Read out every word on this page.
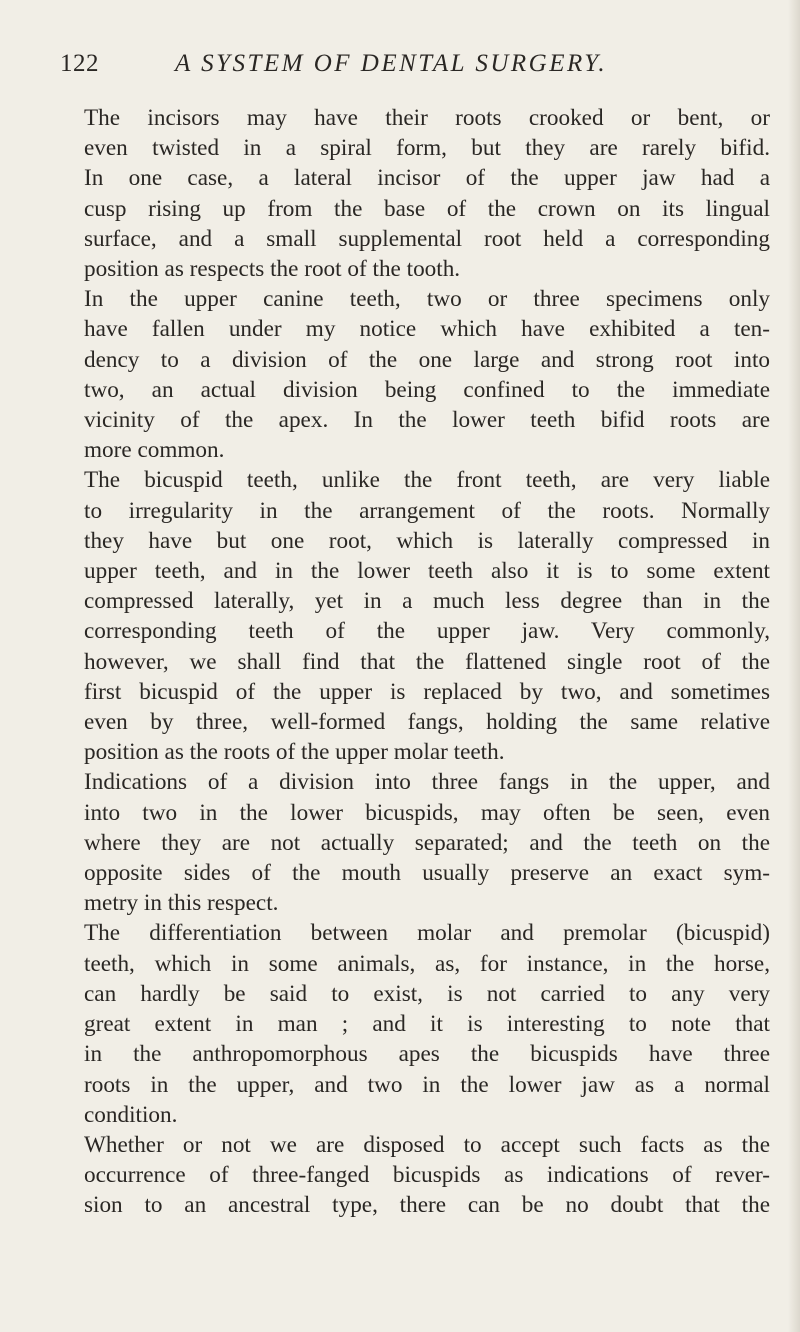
122	A SYSTEM OF DENTAL SURGERY.
The incisors may have their roots crooked or bent, or
even twisted in a spiral form, but they are rarely bifid.
In one case, a lateral incisor of the upper jaw had a
cusp rising up from the base of the crown on its lingual
surface, and a small supplemental root held a corresponding
position as respects the root of the tooth.
In the upper canine teeth, two or three specimens only
have fallen under my notice which have exhibited a ten-
dency to a division of the one large and strong root into
two, an actual division being confined to the immediate
vicinity of the apex. In the lower teeth bifid roots are
more common.
The bicuspid teeth, unlike the front teeth, are very liable
to irregularity in the arrangement of the roots. Normally
they have but one root, which is laterally compressed in
upper teeth, and in the lower teeth also it is to some extent
compressed laterally, yet in a much less degree than in the
corresponding teeth of the upper jaw. Very commonly,
however, we shall find that the flattened single root of the
first bicuspid of the upper is replaced by two, and sometimes
even by three, well-formed fangs, holding the same relative
position as the roots of the upper molar teeth.
Indications of a division into three fangs in the upper, and
into two in the lower bicuspids, may often be seen, even
where they are not actually separated; and the teeth on the
opposite sides of the mouth usually preserve an exact sym-
metry in this respect.
The differentiation between molar and premolar (bicuspid)
teeth, which in some animals, as, for instance, in the horse,
can hardly be said to exist, is not carried to any very
great extent in man ; and it is interesting to note that
in the anthropomorphous apes the bicuspids have three
roots in the upper, and two in the lower jaw as a normal
condition.
Whether or not we are disposed to accept such facts as the
occurrence of three-fanged bicuspids as indications of rever-
sion to an ancestral type, there can be no doubt that the
